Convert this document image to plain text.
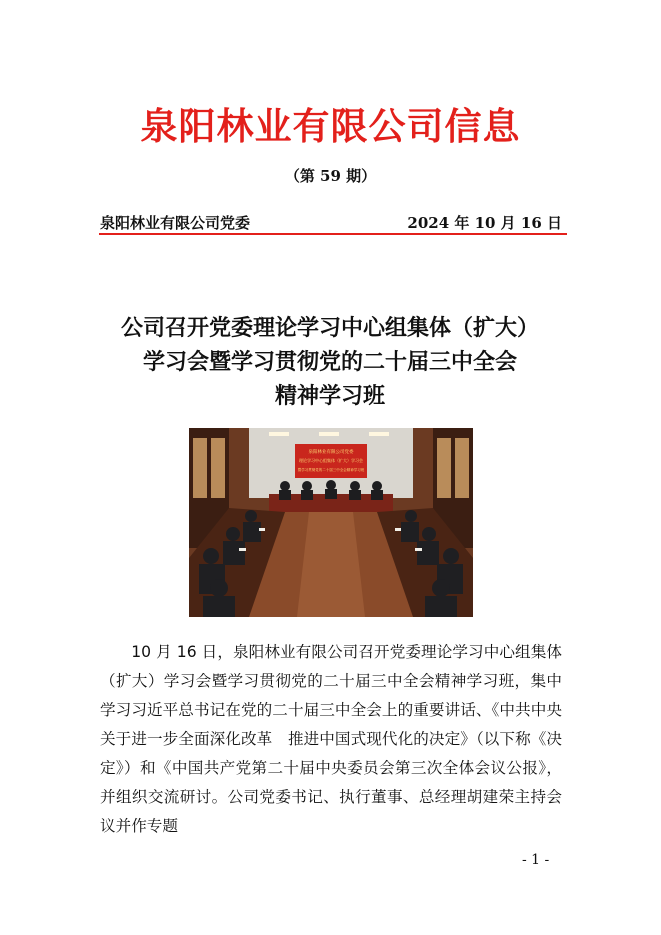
泉阳林业有限公司信息
（第 59 期）
泉阳林业有限公司党委	2024 年 10 月 16 日
公司召开党委理论学习中心组集体（扩大）
学习会暨学习贯彻党的二十届三中全会
精神学习班
泉阳林业有限公司党委
理论学习中心组集体（扩大）学习会
暨学习贯彻党的二十届三中全会精神学习班

10 月 16 日，泉阳林业有限公司召开党委理论学习中心组集体（扩大）学习会暨学习贯彻党的二十届三中全会精神学习班，集中学习习近平总书记在党的二十届三中全会上的重要讲话、《中共中央关于进一步全面深化改革　推进中国式现代化的决定》（以下称《决定》）和《中国共产党第二十届中央委员会第三次全体会议公报》，并组织交流研讨。公司党委书记、执行董事、总经理胡建荣主持会议并作专题

- 1 -
